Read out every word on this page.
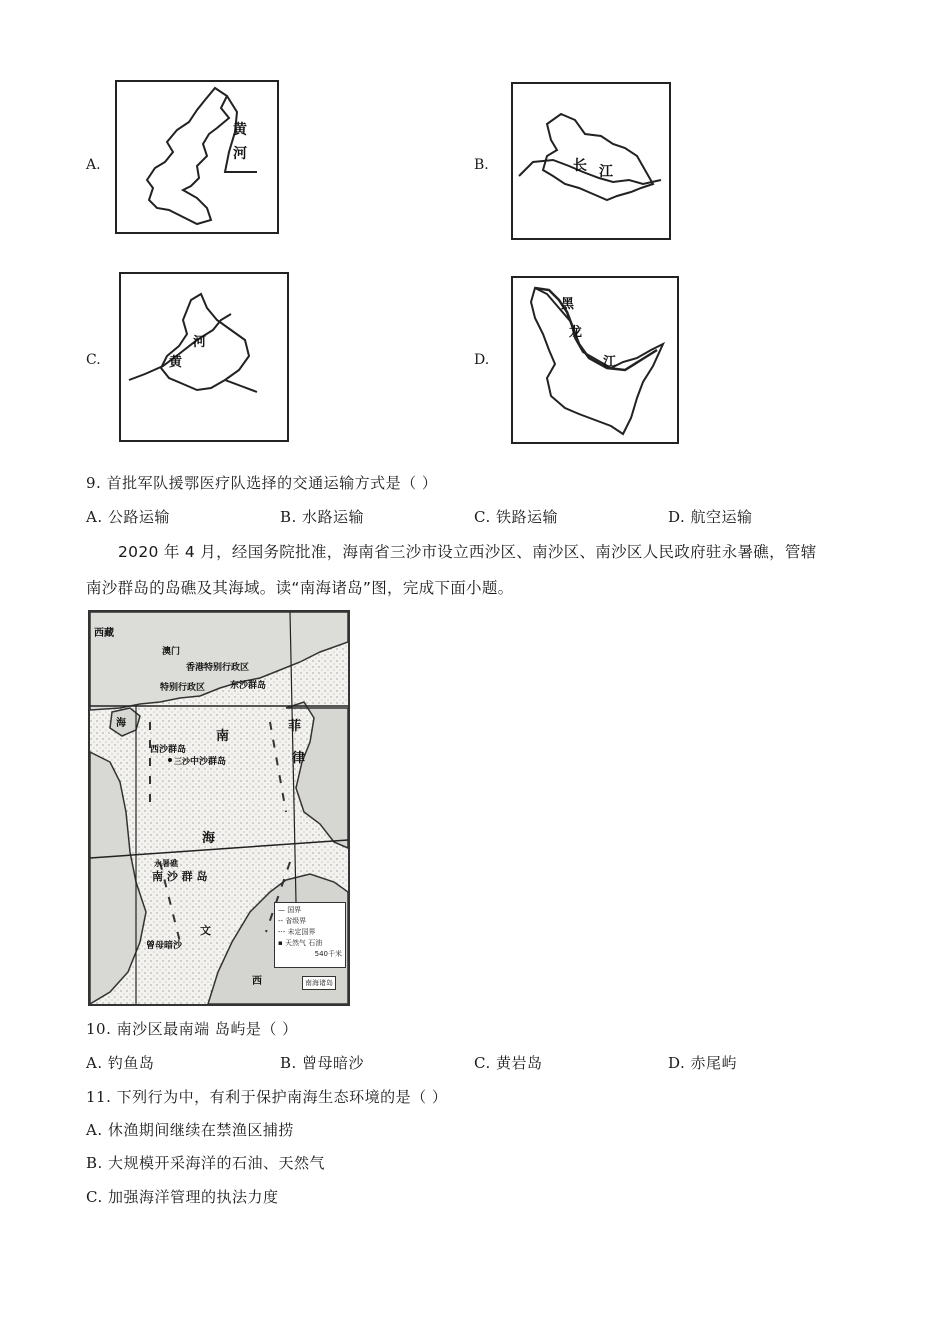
A.
黄
河
B.	长 江
C.
河
黄	D.
黑
龙
江
9. 首批军队援鄂医疗队选择的交通运输方式是（ ）
A. 公路运输	B. 水路运输	C. 铁路运输	D. 航空运输
2020 年 4 月，经国务院批准，海南省三沙市设立西沙区、南沙区、南沙区人民政府驻永暑礁，管辖
南沙群岛的岛礁及其海域。读“南海诸岛”图，完成下面小题。
西藏
澳门
香港特别行政区
特别行政区	东沙群岛
海
南
西沙群岛
三沙 中沙群岛
菲
律
海
永暑礁
南 沙 群 岛
文
曾母暗沙
西
— 国界
-- 省级界
-·- 未定国界
▪ 天然气 石油
540千米
南海诸岛
10. 南沙区最南端 岛屿是（ ）
A. 钓鱼岛	B. 曾母暗沙	C. 黄岩岛	D. 赤尾屿
11. 下列行为中，有利于保护南海生态环境的是（ ）
A. 休渔期间继续在禁渔区捕捞
B. 大规模开采海洋的石油、天然气
C. 加强海洋管理的执法力度
